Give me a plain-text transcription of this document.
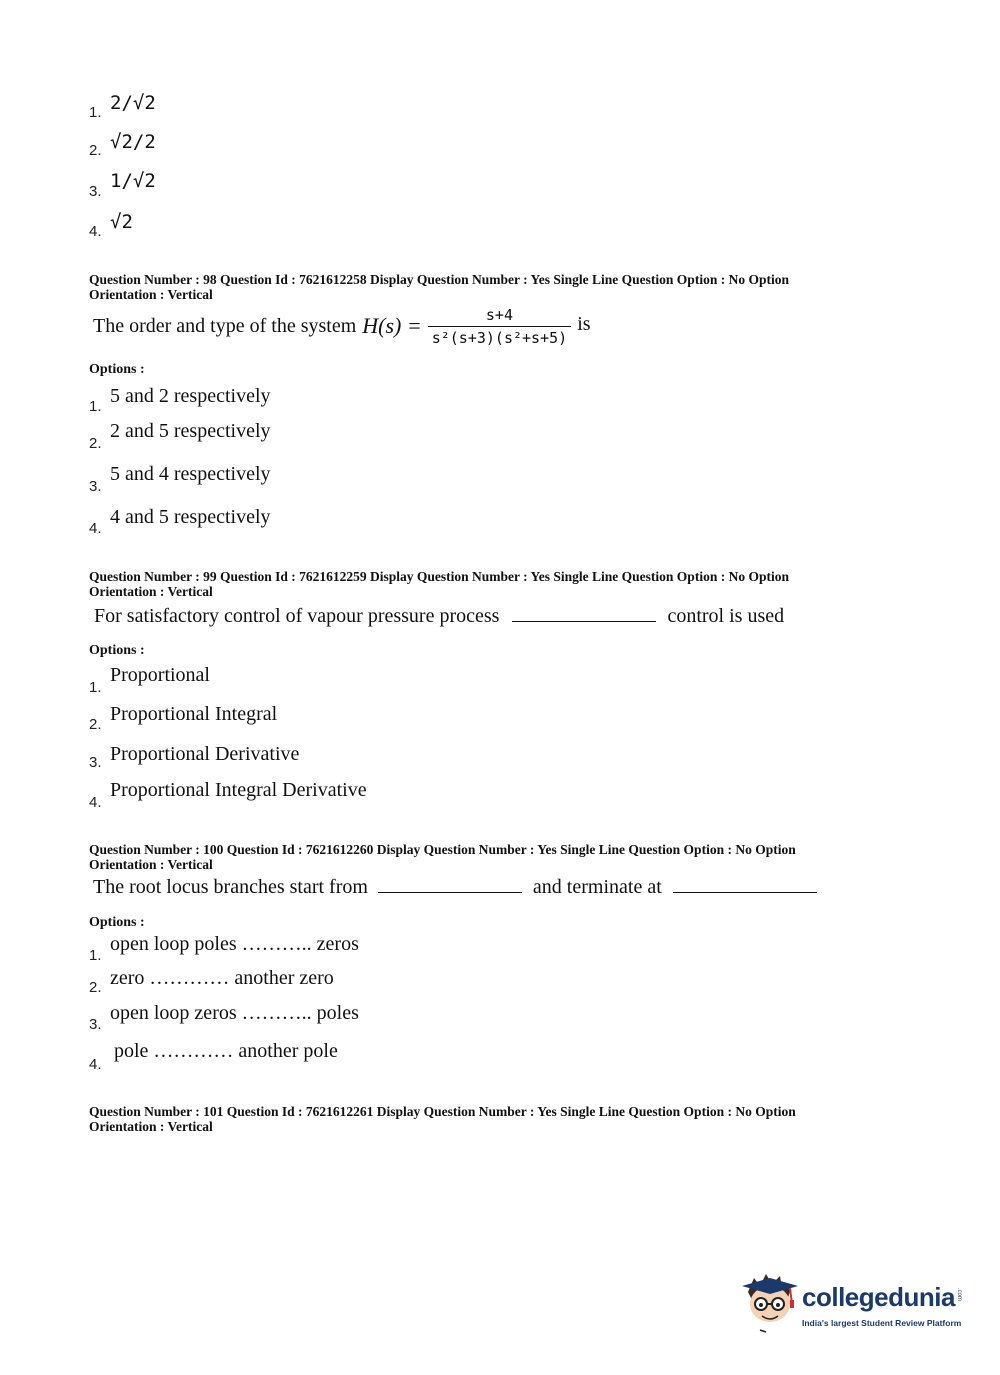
1. 2/√2
2. √2/2
3. 1/√2
4. √2
Question Number : 98 Question Id : 7621612258 Display Question Number : Yes Single Line Question Option : No Option
Orientation : Vertical
The order and type of the system $H(s) = \frac{s+4}{\text{s²(s+3)(s²+s+5)}}$ is
Options :
1. 5 and 2 respectively
2.
2 and 5 respectively
3.
5 and 4 respectively
4.
4 and 5 respectively
Question Number : 99 Question Id : 7621612259 Display Question Number : Yes Single Line Question Option : No Option
Orientation : Vertical
For satisfactory control of vapour pressure process	control is used
Options :
1.
Proportional
2. Proportional Integral
3. Proportional Derivative
4.
Proportional Integral Derivative
Question Number : 100 Question Id : 7621612260 Display Question Number : Yes Single Line Question Option : No Option
Orientation : Vertical
The root locus branches start from	and terminate at
Options :
1.
open loop poles ……….. zeros
2. zero ………… another zero
3.
open loop zeros ……….. poles
4.
pole ………… another pole
Question Number : 101 Question Id : 7621612261 Display Question Number : Yes Single Line Question Option : No Option
Orientation : Vertical
collegedunia .com
India's largest Student Review Platform
